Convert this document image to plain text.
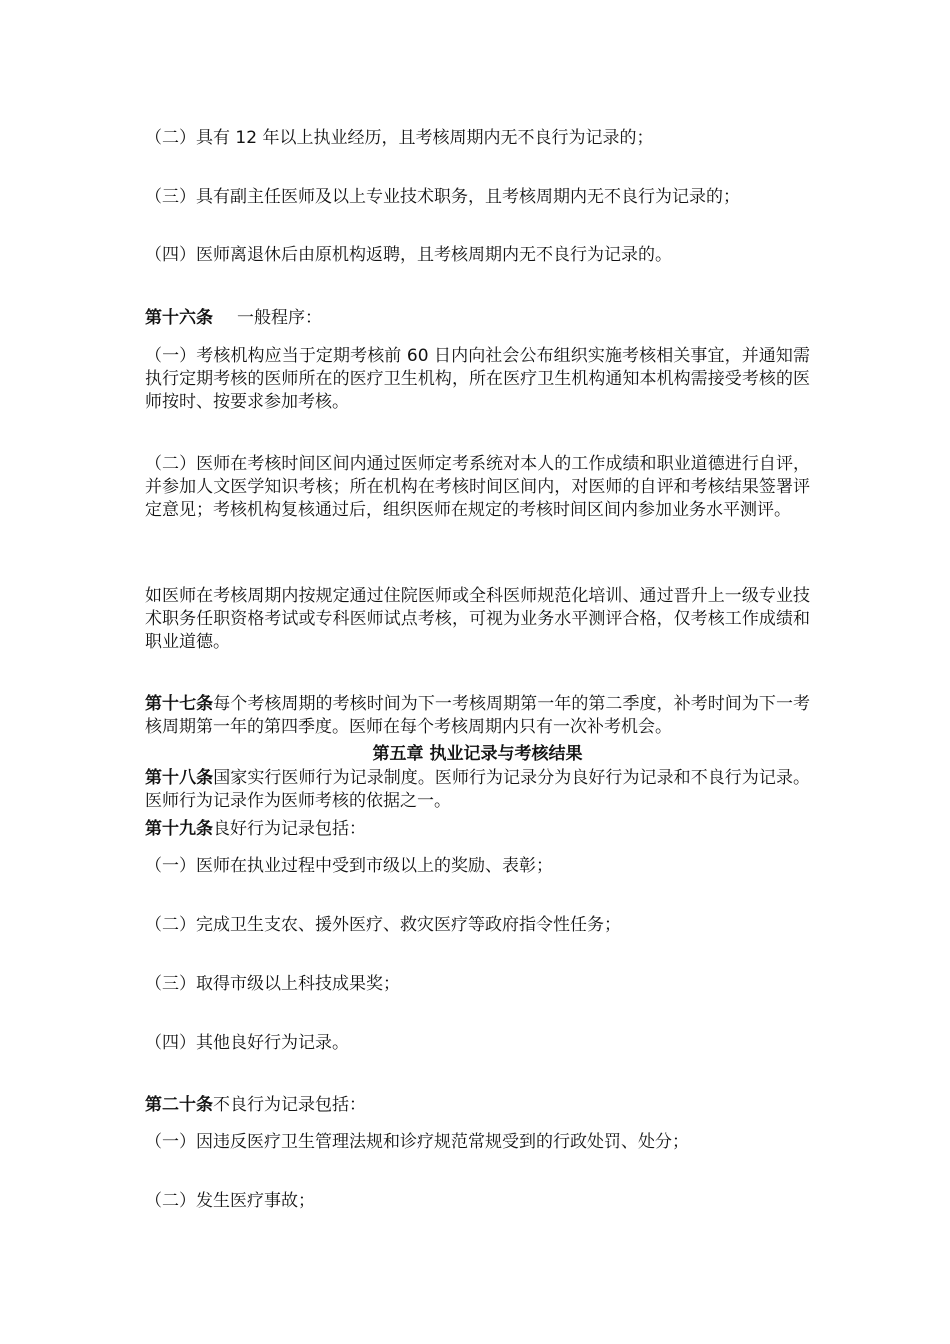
（二）具有 12 年以上执业经历，且考核周期内无不良行为记录的；
（三）具有副主任医师及以上专业技术职务，且考核周期内无不良行为记录的；
（四）医师离退休后由原机构返聘，且考核周期内无不良行为记录的。
第十六条 一般程序：
（一）考核机构应当于定期考核前 60 日内向社会公布组织实施考核相关事宜，并通知需执行定期考核的医师所在的医疗卫生机构，所在医疗卫生机构通知本机构需接受考核的医师按时、按要求参加考核。
（二）医师在考核时间区间内通过医师定考系统对本人的工作成绩和职业道德进行自评，并参加人文医学知识考核；所在机构在考核时间区间内，对医师的自评和考核结果签署评定意见；考核机构复核通过后，组织医师在规定的考核时间区间内参加业务水平测评。
如医师在考核周期内按规定通过住院医师或全科医师规范化培训、通过晋升上一级专业技术职务任职资格考试或专科医师试点考核，可视为业务水平测评合格，仅考核工作成绩和职业道德。
第十七条每个考核周期的考核时间为下一考核周期第一年的第二季度，补考时间为下一考核周期第一年的第四季度。医师在每个考核周期内只有一次补考机会。
第五章 执业记录与考核结果
第十八条国家实行医师行为记录制度。医师行为记录分为良好行为记录和不良行为记录。医师行为记录作为医师考核的依据之一。
第十九条良好行为记录包括：
（一）医师在执业过程中受到市级以上的奖励、表彰；
（二）完成卫生支农、援外医疗、救灾医疗等政府指令性任务；
（三）取得市级以上科技成果奖；
（四）其他良好行为记录。
第二十条不良行为记录包括：
（一）因违反医疗卫生管理法规和诊疗规范常规受到的行政处罚、处分；
（二）发生医疗事故；
